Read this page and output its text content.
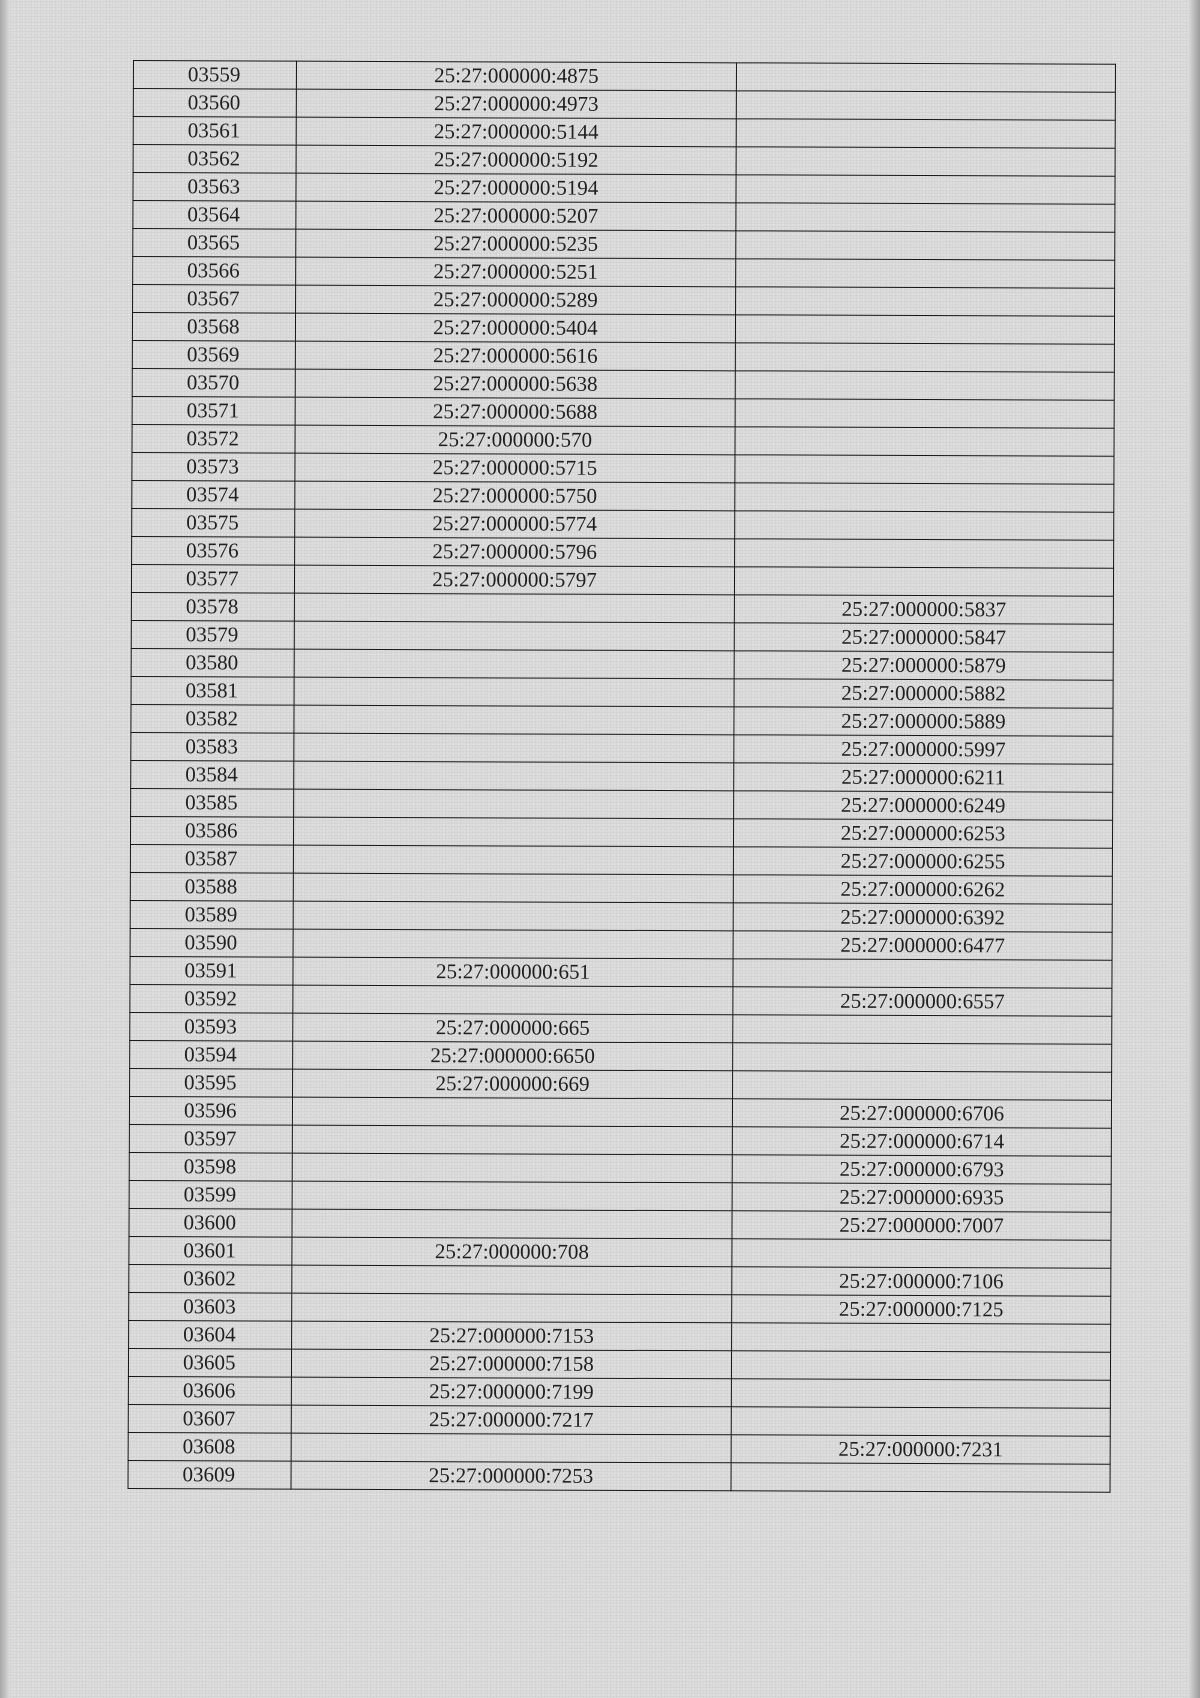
03559	25:27:000000:4875	
03560	25:27:000000:4973	
03561	25:27:000000:5144	
03562	25:27:000000:5192	
03563	25:27:000000:5194	
03564	25:27:000000:5207	
03565	25:27:000000:5235	
03566	25:27:000000:5251	
03567	25:27:000000:5289	
03568	25:27:000000:5404	
03569	25:27:000000:5616	
03570	25:27:000000:5638	
03571	25:27:000000:5688	
03572	25:27:000000:570	
03573	25:27:000000:5715	
03574	25:27:000000:5750	
03575	25:27:000000:5774	
03576	25:27:000000:5796	
03577	25:27:000000:5797	
03578		25:27:000000:5837
03579		25:27:000000:5847
03580		25:27:000000:5879
03581		25:27:000000:5882
03582		25:27:000000:5889
03583		25:27:000000:5997
03584		25:27:000000:6211
03585		25:27:000000:6249
03586		25:27:000000:6253
03587		25:27:000000:6255
03588		25:27:000000:6262
03589		25:27:000000:6392
03590		25:27:000000:6477
03591	25:27:000000:651	
03592		25:27:000000:6557
03593	25:27:000000:665	
03594	25:27:000000:6650	
03595	25:27:000000:669	
03596		25:27:000000:6706
03597		25:27:000000:6714
03598		25:27:000000:6793
03599		25:27:000000:6935
03600		25:27:000000:7007
03601	25:27:000000:708	
03602		25:27:000000:7106
03603		25:27:000000:7125
03604	25:27:000000:7153	
03605	25:27:000000:7158	
03606	25:27:000000:7199	
03607	25:27:000000:7217	
03608		25:27:000000:7231
03609	25:27:000000:7253	
